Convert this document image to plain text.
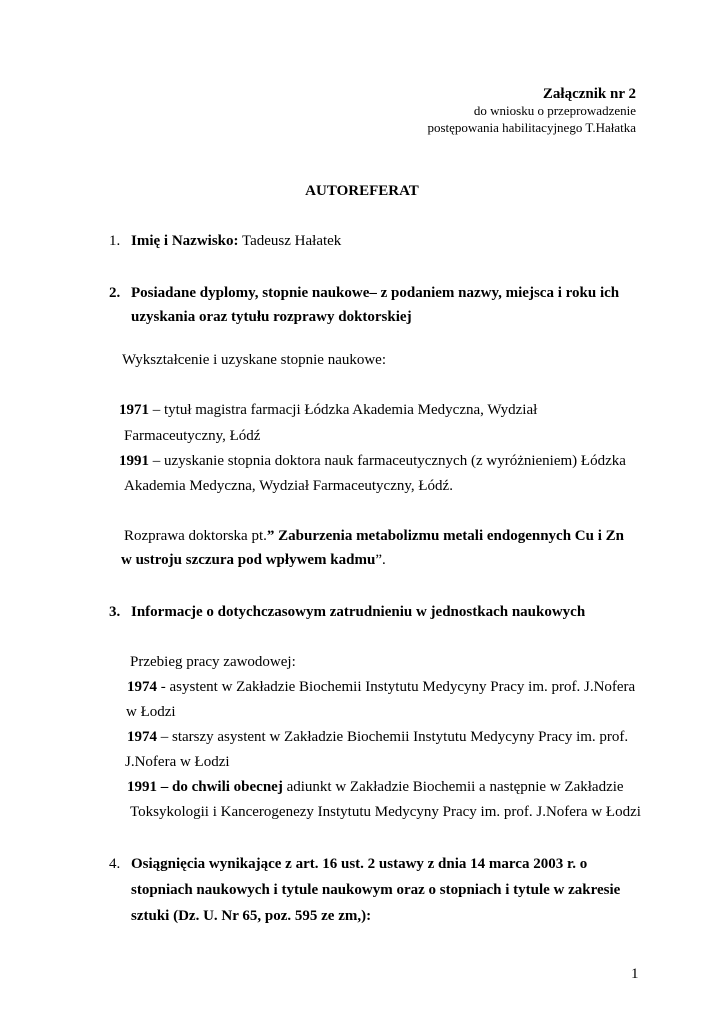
Załącznik nr 2
do wniosku o przeprowadzenie
postępowania habilitacyjnego T.Hałatka
AUTOREFERAT
1. Imię i Nazwisko: Tadeusz Hałatek
2. Posiadane dyplomy, stopnie naukowe– z podaniem nazwy, miejsca i roku ich
uzyskania oraz tytułu rozprawy doktorskiej
Wykształcenie i uzyskane stopnie naukowe:
1971 – tytuł magistra farmacji Łódzka Akademia Medyczna, Wydział
Farmaceutyczny, Łódź
1991 – uzyskanie stopnia doktora nauk farmaceutycznych (z wyróżnieniem) Łódzka
Akademia Medyczna, Wydział Farmaceutyczny, Łódź.
Rozprawa doktorska pt.” Zaburzenia metabolizmu metali endogennych Cu i Zn
w ustroju szczura pod wpływem kadmu”.
3. Informacje o dotychczasowym zatrudnieniu w jednostkach naukowych
Przebieg pracy zawodowej:
1974 - asystent w Zakładzie Biochemii Instytutu Medycyny Pracy im. prof. J.Nofera
w Łodzi
1974 – starszy asystent w Zakładzie Biochemii Instytutu Medycyny Pracy im. prof.
J.Nofera w Łodzi
1991 – do chwili obecnej adiunkt w Zakładzie Biochemii a następnie w Zakładzie
Toksykologii i Kancerogenezy Instytutu Medycyny Pracy im. prof. J.Nofera w Łodzi
4. Osiągnięcia wynikające z art. 16 ust. 2 ustawy z dnia 14 marca 2003 r. o
stopniach naukowych i tytule naukowym oraz o stopniach i tytule w zakresie
sztuki (Dz. U. Nr 65, poz. 595 ze zm,):
1
